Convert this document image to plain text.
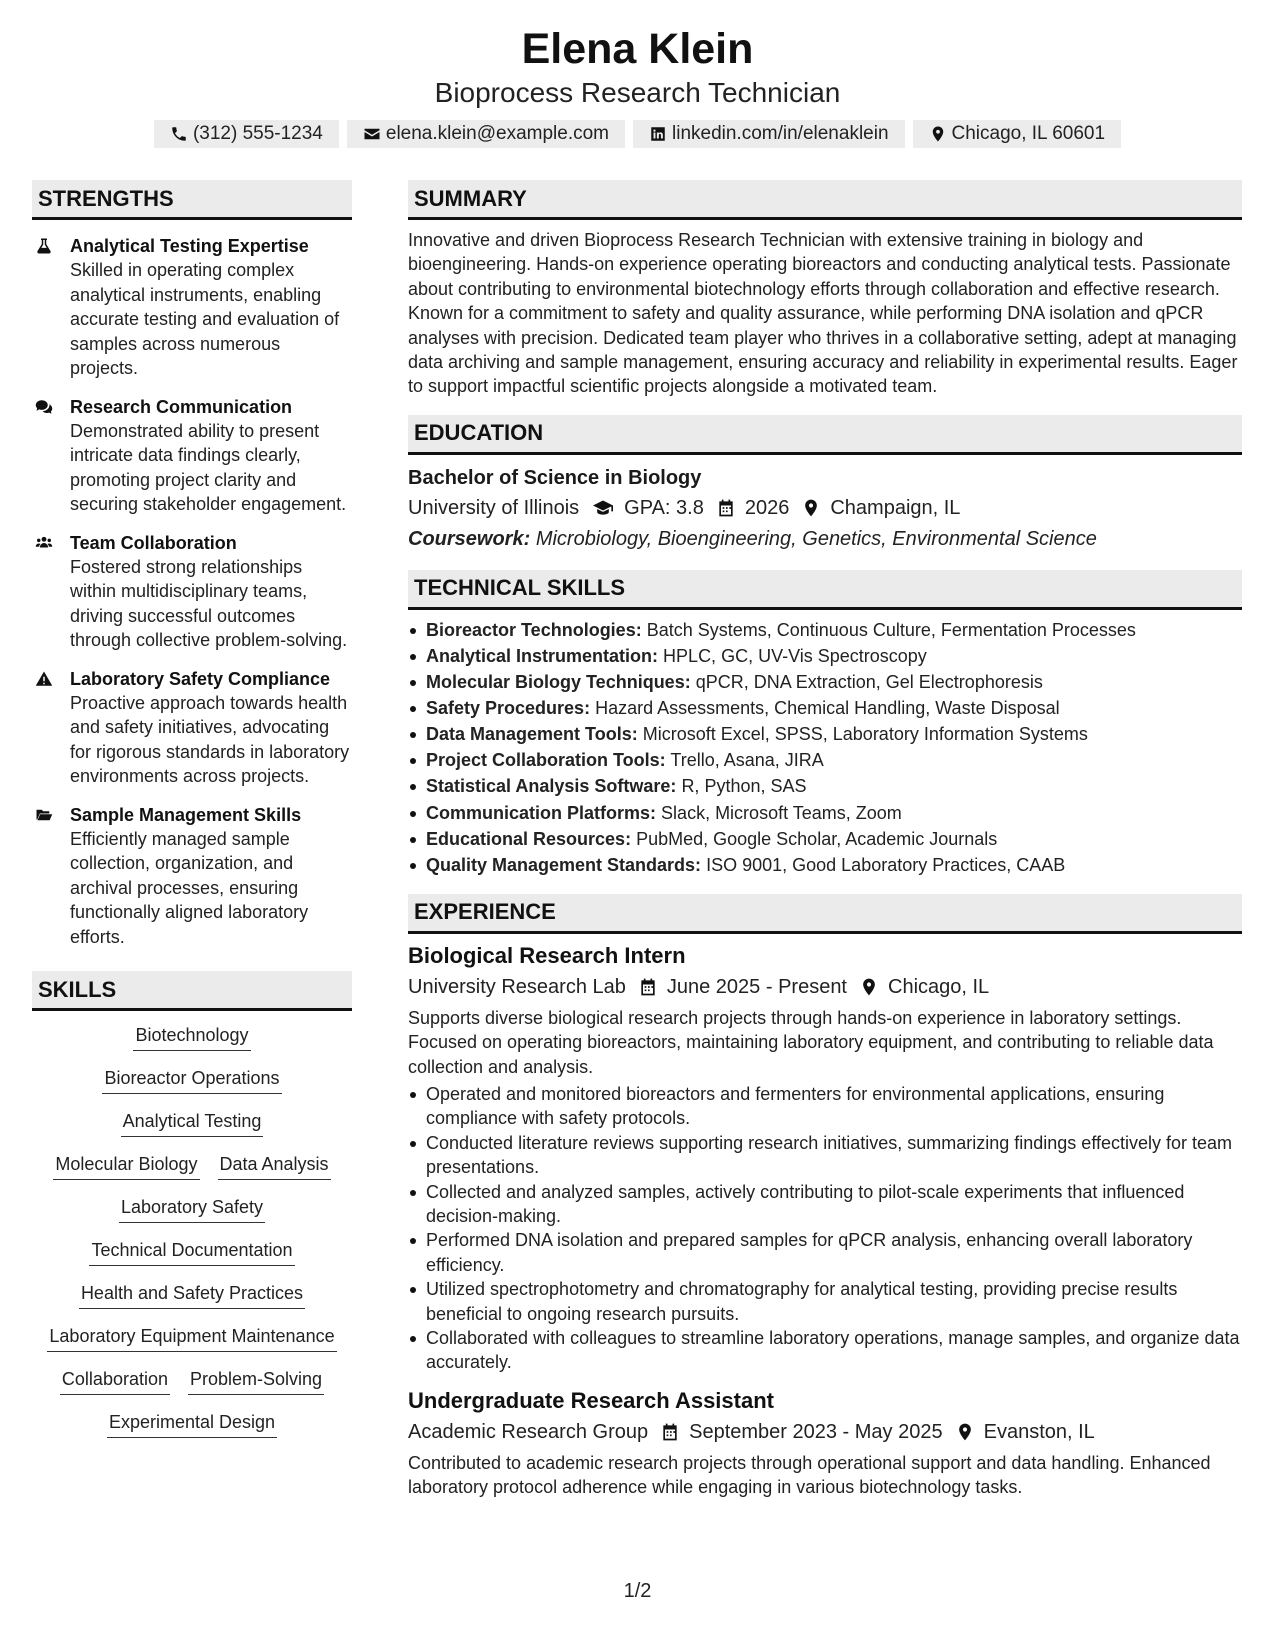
Elena Klein
Bioprocess Research Technician
(312) 555-1234	elena.klein@example.com	linkedin.com/in/elenaklein	Chicago, IL 60601
STRENGTHS
Analytical Testing Expertise
Skilled in operating complex analytical instruments, enabling accurate testing and evaluation of samples across numerous projects.
Research Communication
Demonstrated ability to present intricate data findings clearly, promoting project clarity and securing stakeholder engagement.
Team Collaboration
Fostered strong relationships within multidisciplinary teams, driving successful outcomes through collective problem-solving.
Laboratory Safety Compliance
Proactive approach towards health and safety initiatives, advocating for rigorous standards in laboratory environments across projects.
Sample Management Skills
Efficiently managed sample collection, organization, and archival processes, ensuring functionally aligned laboratory efforts.
SKILLS
Biotechnology
Bioreactor Operations
Analytical Testing
Molecular Biology Data Analysis
Laboratory Safety
Technical Documentation
Health and Safety Practices
Laboratory Equipment Maintenance
Collaboration Problem-Solving
Experimental Design
SUMMARY
Innovative and driven Bioprocess Research Technician with extensive training in biology and bioengineering. Hands-on experience operating bioreactors and conducting analytical tests. Passionate about contributing to environmental biotechnology efforts through collaboration and effective research. Known for a commitment to safety and quality assurance, while performing DNA isolation and qPCR analyses with precision. Dedicated team player who thrives in a collaborative setting, adept at managing data archiving and sample management, ensuring accuracy and reliability in experimental results. Eager to support impactful scientific projects alongside a motivated team.
EDUCATION
Bachelor of Science in Biology
University of Illinois GPA: 3.8 2026 Champaign, IL
Coursework: Microbiology, Bioengineering, Genetics, Environmental Science
TECHNICAL SKILLS
Bioreactor Technologies: Batch Systems, Continuous Culture, Fermentation Processes
Analytical Instrumentation: HPLC, GC, UV-Vis Spectroscopy
Molecular Biology Techniques: qPCR, DNA Extraction, Gel Electrophoresis
Safety Procedures: Hazard Assessments, Chemical Handling, Waste Disposal
Data Management Tools: Microsoft Excel, SPSS, Laboratory Information Systems
Project Collaboration Tools: Trello, Asana, JIRA
Statistical Analysis Software: R, Python, SAS
Communication Platforms: Slack, Microsoft Teams, Zoom
Educational Resources: PubMed, Google Scholar, Academic Journals
Quality Management Standards: ISO 9001, Good Laboratory Practices, CAAB
EXPERIENCE
Biological Research Intern
University Research Lab June 2025 - Present Chicago, IL
Supports diverse biological research projects through hands-on experience in laboratory settings. Focused on operating bioreactors, maintaining laboratory equipment, and contributing to reliable data collection and analysis.
Operated and monitored bioreactors and fermenters for environmental applications, ensuring compliance with safety protocols.
Conducted literature reviews supporting research initiatives, summarizing findings effectively for team presentations.
Collected and analyzed samples, actively contributing to pilot-scale experiments that influenced decision-making.
Performed DNA isolation and prepared samples for qPCR analysis, enhancing overall laboratory efficiency.
Utilized spectrophotometry and chromatography for analytical testing, providing precise results beneficial to ongoing research pursuits.
Collaborated with colleagues to streamline laboratory operations, manage samples, and organize data accurately.
Undergraduate Research Assistant
Academic Research Group September 2023 - May 2025 Evanston, IL
Contributed to academic research projects through operational support and data handling. Enhanced laboratory protocol adherence while engaging in various biotechnology tasks.
1/2
